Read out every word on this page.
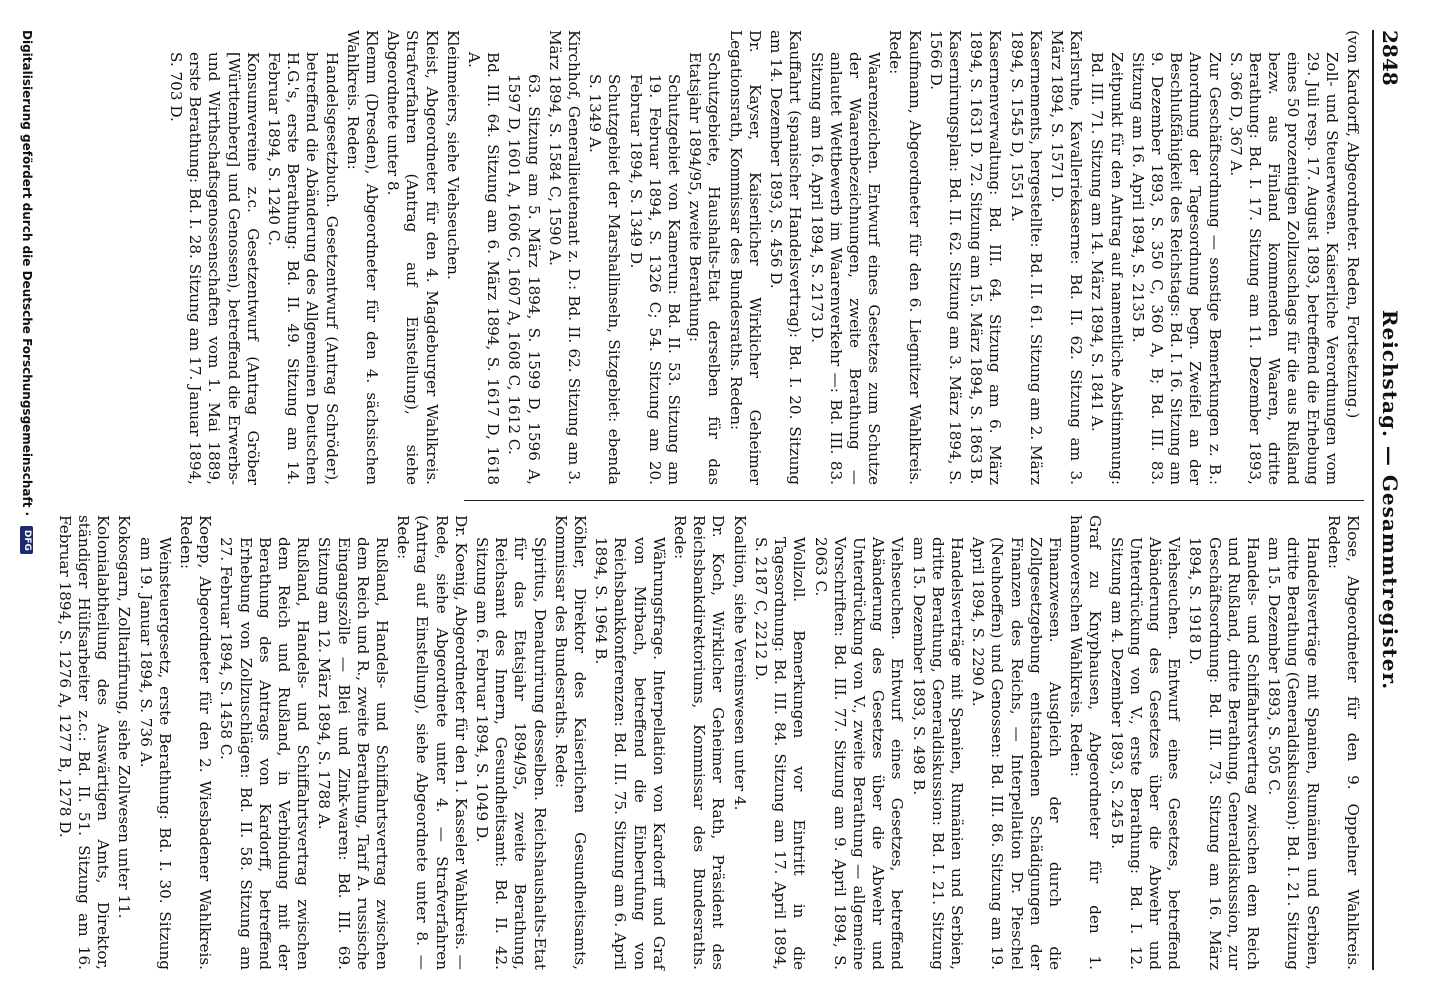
2848
Reichstag. — Gesammtregister.

(von Kardorff, Abgeordneter. Reden, Fortsetzung.)

Zoll- und Steuerwesen. Kaiserliche Verordnungen vom 29. Juli resp. 17. August 1893, betreffend die Erhebung eines 50 prozentigen Zollzuschlags für die aus Rußland bezw. aus Finland kommenden Waaren, dritte Berathung: Bd. I. 17. Sitzung am 11. Dezember 1893, S. 366 D, 367 A.

Zur Geschäftsordnung — sonstige Bemerkungen z. B.: Anordnung der Tagesordnung begn. Zweifel an der Beschlußfähigkeit des Reichstags: Bd. I. 16. Sitzung am 9. Dezember 1893, S. 350 C, 360 A, B; Bd. III. 83. Sitzung am 16. April 1894, S. 2135 B.

Zeitpunkt für den Antrag auf namentliche Abstimmung: Bd. III. 71. Sitzung am 14. März 1894, S. 1841 A.

Karlsruhe, Kavalleriekaserne: Bd. II. 62. Sitzung am 3. März 1894, S. 1571 D.

Kasernements, hergestellte: Bd. II. 61. Sitzung am 2. März 1894, S. 1545 D, 1551 A.

Kasernenverwaltung: Bd. III. 64. Sitzung am 6. März 1894, S. 1631 D. 72. Sitzung am 15. März 1894, S. 1863 B.

Kasernirungsplan: Bd. II. 62. Sitzung am 3. März 1894, S. 1566 D.

Kaufmann, Abgeordneter für den 6. Liegnitzer Wahlkreis. Rede:

Waarenzeichen. Entwurf eines Gesetzes zum Schutze der Waarenbezeichnungen, zweite Berathung — anlautet Wettbewerb im Waarenverkehr —: Bd. III. 83. Sitzung am 16. April 1894, S. 2173 D.

Kauffahrt (spanischer Handelsvertrag): Bd. I. 20. Sitzung am 14. Dezember 1893, S. 456 D.

Dr. Kayser, Kaiserlicher Wirklicher Geheimer Legationsrath, Kommissar des Bundesraths. Reden:

Schutzgebiete, Haushalts-Etat derselben für das Etatsjahr 1894/95, zweite Berathung:

Schutzgebiet von Kamerun: Bd. II. 53. Sitzung am 19. Februar 1894, S. 1326 C; 54. Sitzung am 20. Februar 1894, S. 1349 D.

Schutzgebiet der Marshallinseln, Sitzgebiet: ebenda S. 1349 A.

Kirchhof, Generallieutenant z. D.: Bd. II. 62. Sitzung am 3. März 1894, S. 1584 C, 1590 A.

63. Sitzung am 5. März 1894, S. 1599 D, 1596 A, 1597 D, 1601 A, 1606 C, 1607 A, 1608 C, 1612 C.

Bd. III. 64. Sitzung am 6. März 1894, S. 1617 D, 1618 A.

Kleinmeiers, siehe Viehseuchen.

Kleist, Abgeordneter für den 4. Magdeburger Wahlkreis. Strafverfahren (Antrag auf Einstellung), siehe Abgeordnete unter 8.

Klemm (Dresden), Abgeordneter für den 4. sächsischen Wahlkreis. Reden:

Handelsgesetzbuch. Gesetzentwurf (Antrag Schröder), betreffend die Abänderung des Allgemeinen Deutschen H.G.'s, erste Berathung: Bd. II. 49. Sitzung am 14. Februar 1894, S. 1240 C.

Konsumvereine z.c. Gesetzentwurf (Antrag Gröber [Württemberg] und Genossen), betreffend die Erwerbs- und Wirthschaftsgenossenschaften vom 1. Mai 1889, erste Berathung: Bd. I. 28. Sitzung am 17. Januar 1894, S. 703 D.

Klose, Abgeordneter für den 9. Oppelner Wahlkreis. Reden:

Handelsverträge mit Spanien, Rumänien und Serbien, dritte Berathung (Generaldiskussion): Bd. I. 21. Sitzung am 15. Dezember 1893, S. 505 C.

Handels- und Schiffahrtsvertrag zwischen dem Reich und Rußland, dritte Berathung, Generaldiskussion, zur Geschäftsordnung: Bd. III. 73. Sitzung am 16. März 1894, S. 1918 D.

Viehseuchen. Entwurf eines Gesetzes, betreffend Abänderung des Gesetzes über die Abwehr und Unterdrückung von V., erste Berathung: Bd. I. 12. Sitzung am 4. Dezember 1893, S. 245 B.

Graf zu Knyphausen, Abgeordneter für den 1. hannoverschen Wahlkreis. Reden:

Finanzwesen. Ausgleich der durch die Zollgesetzgebung entstandenen Schädigungen der Finanzen des Reichs, — Interpellation Dr. Pieschel (Neuhoeffen) und Genossen: Bd. III. 86. Sitzung am 19. April 1894, S. 2290 A.

Handelsverträge mit Spanien, Rumänien und Serbien, dritte Berathung, Generaldiskussion: Bd. I. 21. Sitzung am 15. Dezember 1893, S. 498 B.

Viehseuchen. Entwurf eines Gesetzes, betreffend Abänderung des Gesetzes über die Abwehr und Unterdrückung von V., zweite Berathung — allgemeine Vorschriften: Bd. III. 77. Sitzung am 9. April 1894, S. 2063 C.

Wollzoll. Bemerkungen vor Eintritt in die Tagesordnung: Bd. III. 84. Sitzung am 17. April 1894, S. 2187 C, 2212 D.

Koalition, siehe Vereinswesen unter 4.

Dr. Koch, Wirklicher Geheimer Rath, Präsident des Reichsbankdirektoriums, Kommissar des Bundesraths. Rede:

Währungsfrage. Interpellation von Kardorff und Graf von Mirbach, betreffend die Einberufung von Reichsbankkonferenzen: Bd. III. 75. Sitzung am 6. April 1894, S. 1964 B.

Köhler, Direktor des Kaiserlichen Gesundheitsamts, Kommissar des Bundesraths. Rede:

Spiritus, Denaturirung desselben. Reichshaushalts-Etat für das Etatsjahr 1894/95, zweite Berathung, Reichsamt des Innern, Gesundheitsamt: Bd. II. 42. Sitzung am 6. Februar 1894, S. 1049 D.

Dr. Koenig, Abgeordneter für den 1. Kasseler Wahlkreis. — Rede, siehe Abgeordnete unter 4. — Strafverfahren (Antrag auf Einstellung), siehe Abgeordnete unter 8. — Rede:

Rußland, Handels- und Schiffahrtsvertrag zwischen dem Reich und R., zweite Berathung, Tarif A. russische Eingangszölle — Blei und Zink-waren: Bd. III. 69. Sitzung am 12. März 1894, S. 1788 A.

Rußland, Handels- und Schiffahrtsvertrag zwischen dem Reich und Rußland, in Verbindung mit der Berathung des Antrags von Kardorff, betreffend Erhebung von Zollzuschlägen: Bd. II. 58. Sitzung am 27. Februar 1894, S. 1458 C.

Koepp, Abgeordneter für den 2. Wiesbadener Wahlkreis. Reden:

Weinsteuergesetz, erste Berathung: Bd. I. 30. Sitzung am 19. Januar 1894, S. 736 A.

Kokosgarn, Zolltarifirung, siehe Zollwesen unter 11.

Kolonialabtheilung des Auswärtigen Amts, Direktor, ständiger Hülfsarbeiter z.c.: Bd. II. 51. Sitzung am 16. Februar 1894, S. 1276 A, 1277 B, 1278 D.

Digitalisierung gefördert durch die Deutsche Forschungsgemeinschaft · DFG
